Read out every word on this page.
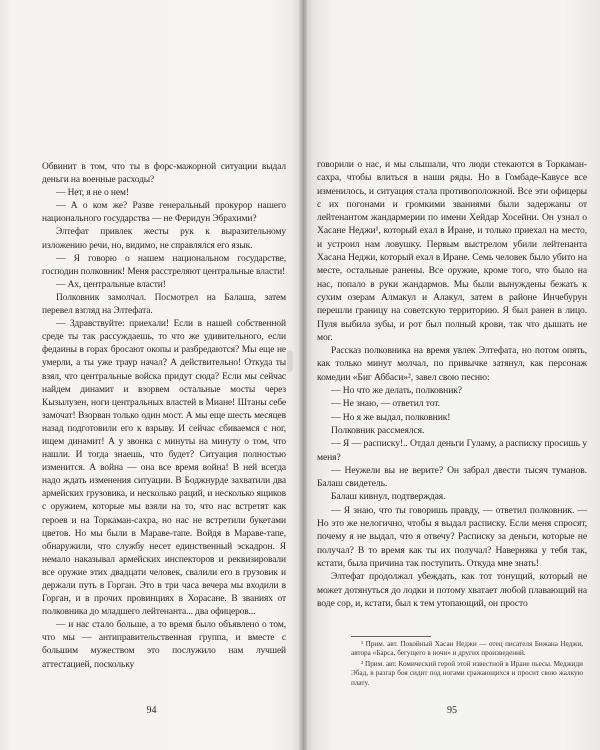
Обвинит в том, что ты в форс-мажорной ситуации выдал деньги на военные расходы?

— Нет, я не о нем!

— А о ком же? Разве генеральный прокурор нашего национального государства — не Феридун Эбрахими?

Элтефат привлек жесты рук к выразительному изложению речи, но, видимо, не справлялся его язык.

— Я говорю о нашем национальном государстве, господин полковник! Меня расстреляют центральные власти!

— Ах, центральные власти!

Полковник замолчал. Посмотрел на Балаша, затем перевел взгляд на Элтефата.

— Здравствуйте: приехали! Если в нашей собственной среде ты так рассуждаешь, то что же удивительного, если федаины в горах бросают окопы и разбредаются? Мы еще не умерли, а ты уже траур начал? А действительно! Откуда ты взял, что центральные войска придут сюда? Если мы сейчас найдем динамит и взорвем остальные мосты через Кызылузен, ноги центральных властей в Миане! Штаны себе замочат! Взорван только один мост. А мы еще шесть месяцев назад подготовили его к взрыву. И сейчас сбиваемся с ног, ищем динамит! А у звонка с минуты на минуту о том, что нашли. И тогда знаешь, что будет? Ситуация полностью изменится. А война — она все время война! В ней всегда надо ждать изменения ситуации. В Боджнурде захватили два армейских грузовика, и несколько раций, и несколько ящиков с оружием, которые мы взяли на то, что нас встретят как героев и на Торкаман-сахра, но нас не встретили букетами цветов. Но мы были в Маравe-тапе. Войдя в Маравe-тапе, обнаружили, что службу несет единственный эскадрон. Я немало наказывал армейских инспекторов и реквизировали все оружие этих двадцати человек, свалили его в грузовик и держали путь в Горган. Это в три часа вечера мы входили в Горган, и в прочих провинциях в Хорасане. В званиях от полковника до младшего лейтенанта... два офицеров...

— и нас стало больше, а то время было объявлено о том, что мы — антиправительственная группа, и вместе с большим мужеством это послужило нам лучшей аттестацией, поскольку

94

говорили о нас, и мы слышали, что люди стекаются в Торкаман-сахра, чтобы влиться в наши ряды. Но в Гомбаде-Кавусе все изменилось, и ситуация стала противоположной. Все эти офицеры с их погонами и громкими званиями были задержаны от лейтенантом жандармерии по имени Хейдар Хосейни. Он узнал о Хасане Неджи¹, который ехал в Иране, и только приехал на место, и устроил нам ловушку. Первым выстрелом убили лейтенанта Хасана Неджи, который ехал в Иране. Семь человек было убито на месте, остальные ранены. Все оружие, кроме того, что было на нас, попало в руки жандармов. Мы были вынуждены бежать к сухим озерам Алмакул и Алакул, затем в районе Инчебурун перешли границу на советскую территорию. Я был ранен в лицо. Пуля выбила зубы, и рот был полный крови, так что дышать не мог.

Рассказ полковника на время увлек Элтефата, но потом опять, как только минут молчал, по привычке затянул, как персонаж комедии «Биг Аббаси»², завел свою песню:

— Но что же делать, полковник?

— Не знаю, — ответил тот.

— Но я же выдал, полковник!

Полковник рассмеялся.

— Я — расписку!.. Отдал деньги Гуламу, а расписку просишь у меня?

— Неужели вы не верите? Он забрал двести тысяч туманов. Балаш свидетель.

Балаш кивнул, подтверждая.

— Я знаю, что ты говоришь правду, — ответил полковник. — Но это же нелогично, чтобы я выдал расписку. Если меня спросят, почему я не выдал, что я отвечу? Расписку за деньги, которые не получал? В то время как ты их получал? Наверняка у тебя так, кстати, была причина так поступить. Откуда мне знать!

Элтефат продолжал убеждать, как тот тонущий, который не может дотянуться до лодки и потому хватает любой плавающий на воде сор, и, кстати, был к тем утопающий, он просто

¹ Прим. авт. Покойный Хасан Неджи — отец писателя Бижана Неджи, автора «Барса, бегущего в ночи» и других произведений.

² Прим. авт. Комический герой этой известной в Иране пьесы. Меджиди Эбад, в разгар боя сидит под ногами сражающихся и просит свою жалкую плату.

95
